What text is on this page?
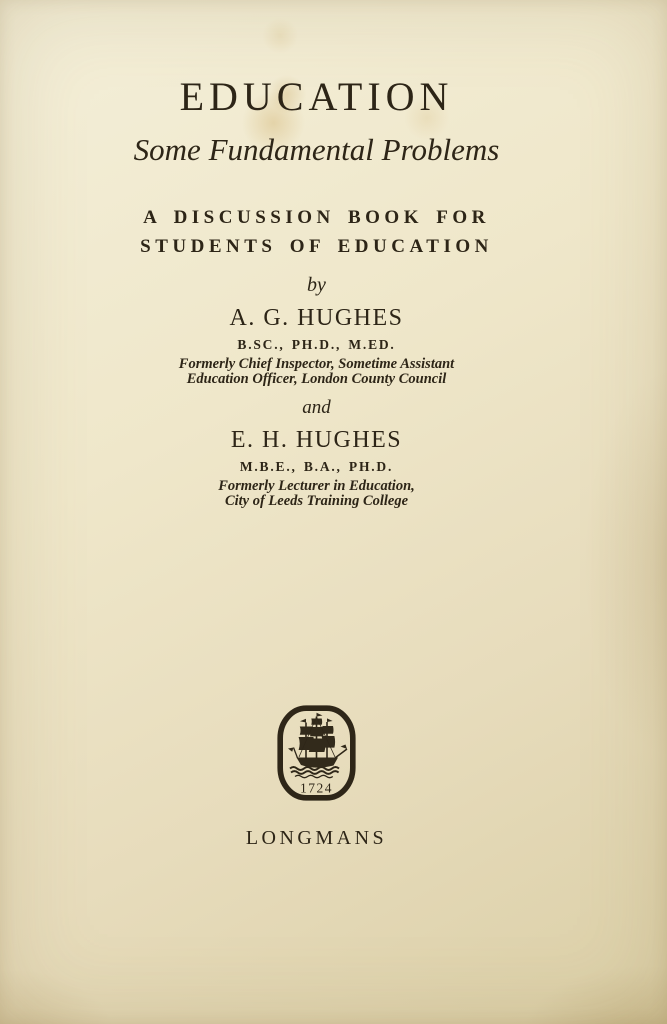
EDUCATION
Some Fundamental Problems
A DISCUSSION BOOK FOR
STUDENTS OF EDUCATION
by
A. G. HUGHES
B.SC., PH.D., M.ED.
Formerly Chief Inspector, Sometime Assistant
Education Officer, London County Council
and
E. H. HUGHES
M.B.E., B.A., PH.D.
Formerly Lecturer in Education,
City of Leeds Training College
1724
LONGMANS
